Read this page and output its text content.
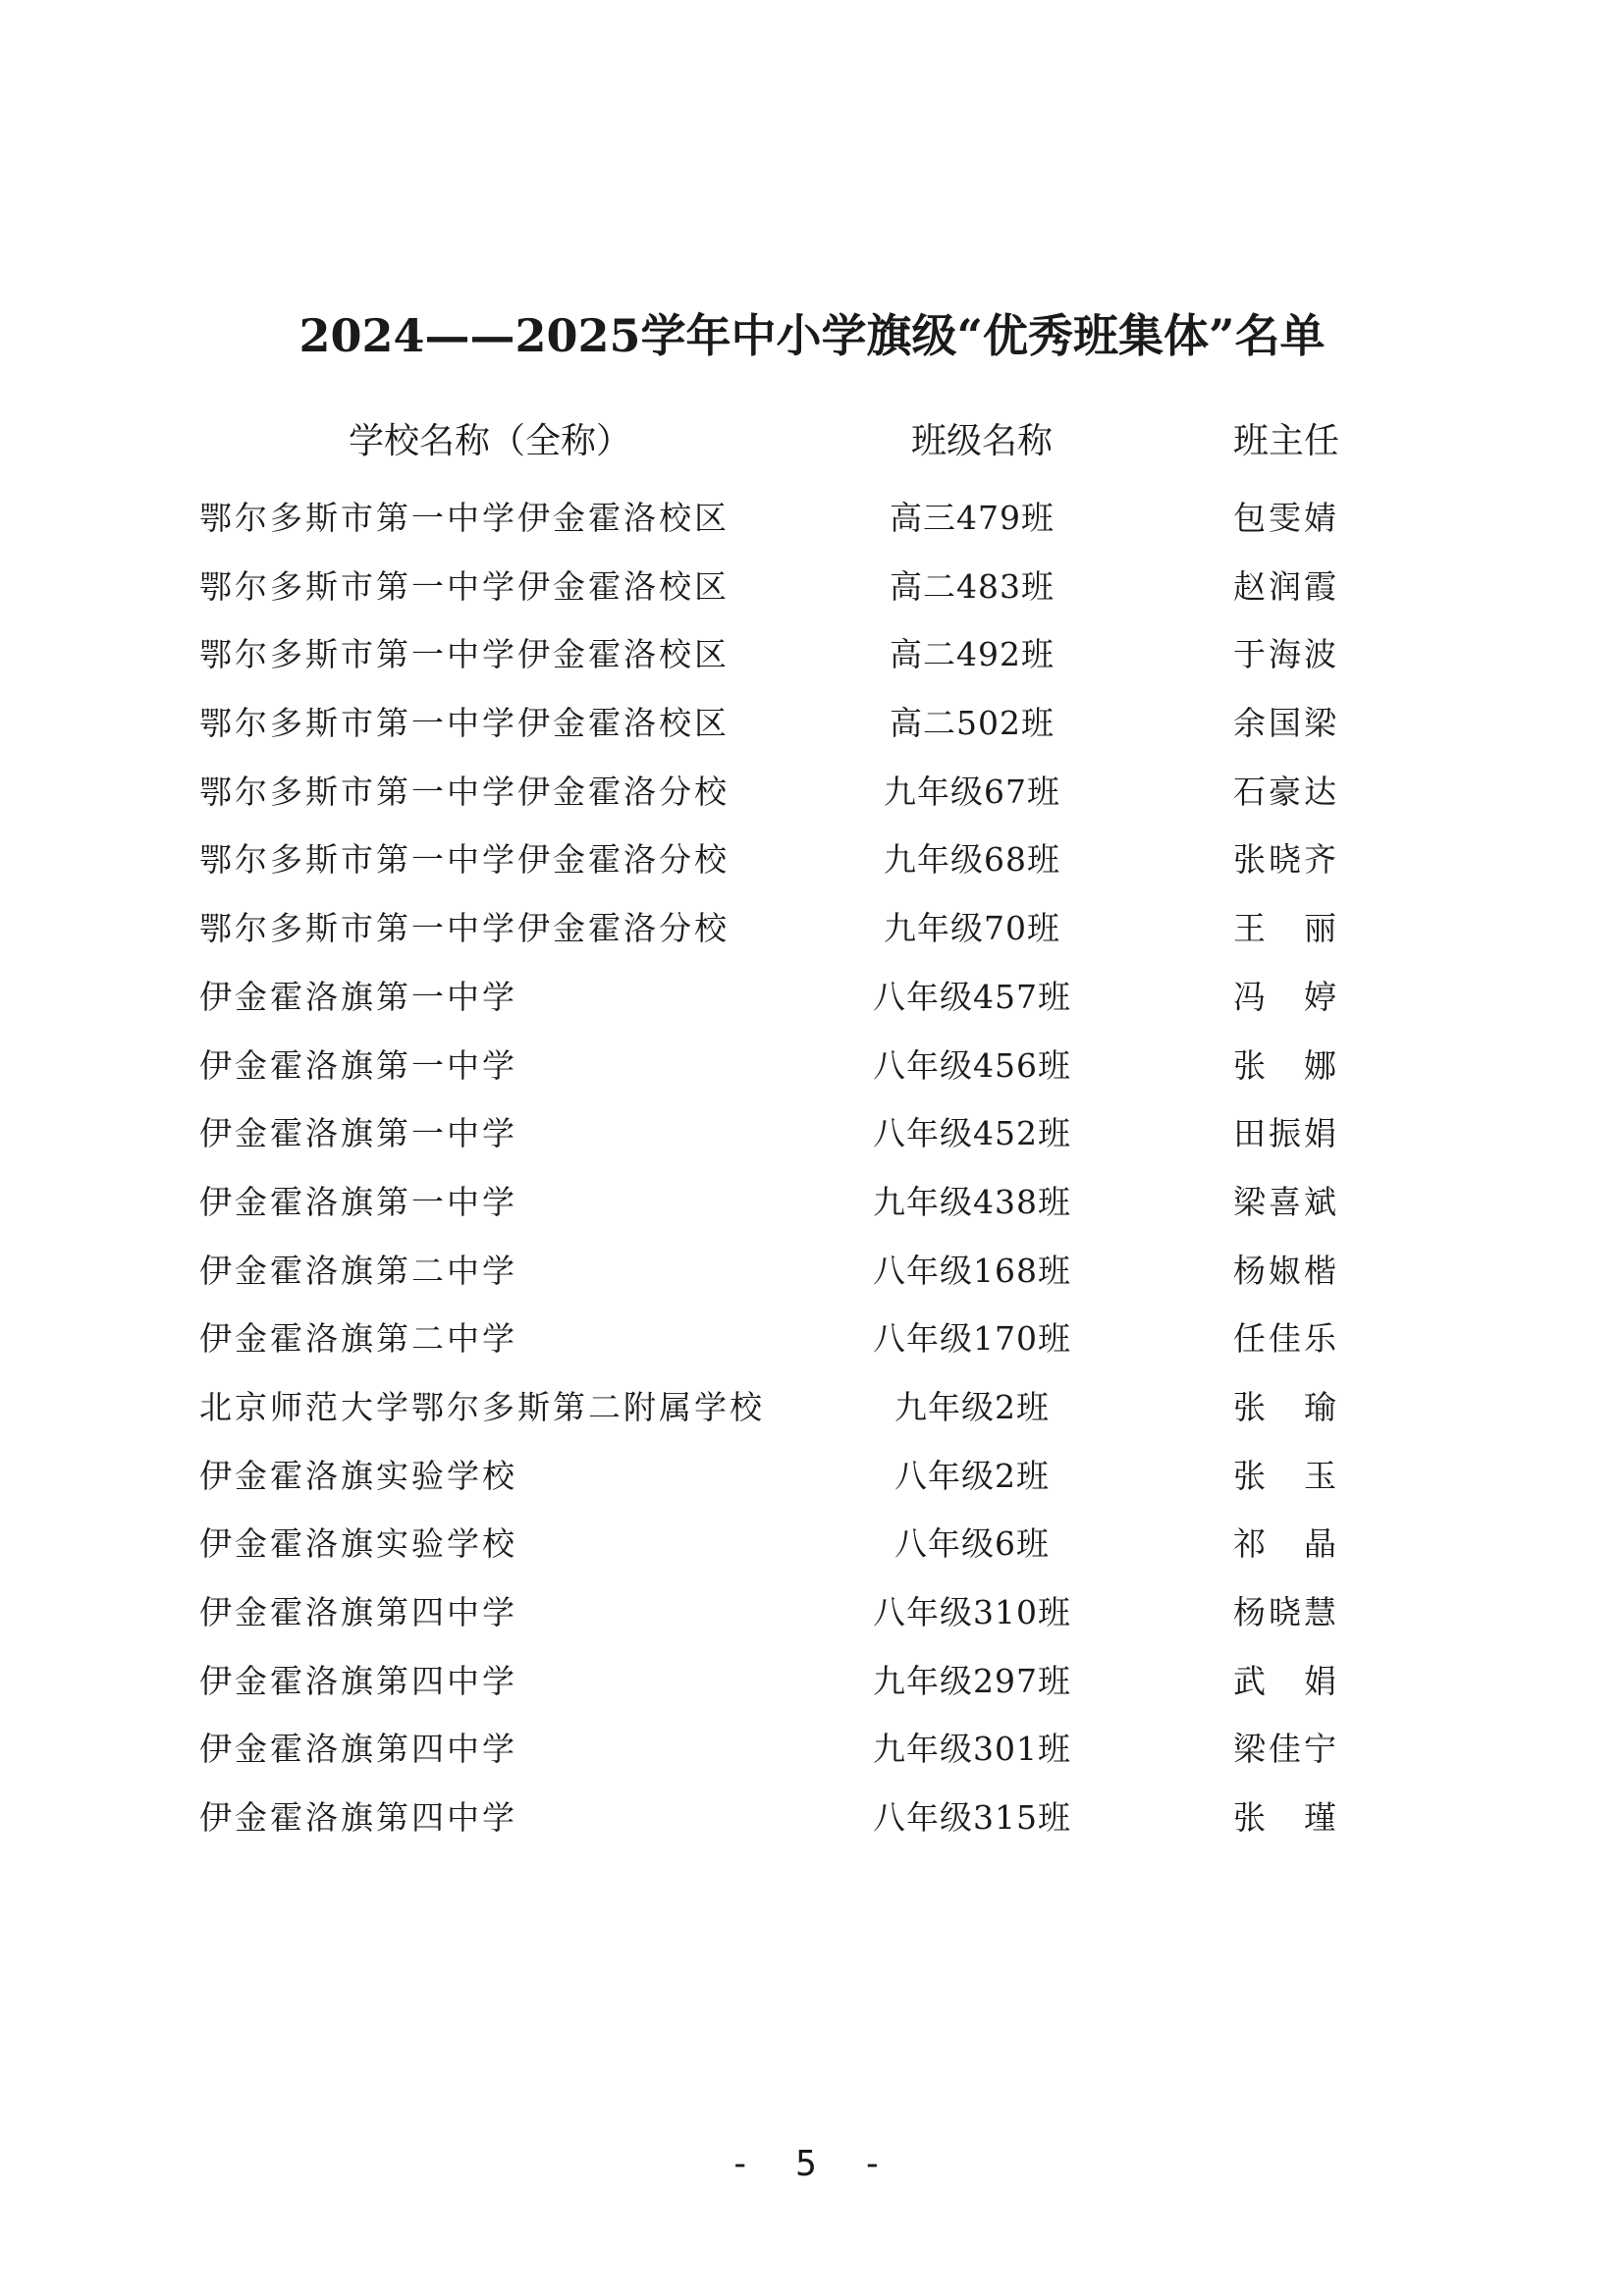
2024——2025学年中小学旗级“优秀班集体”名单
学校名称（全称）	班级名称	班主任
鄂尔多斯市第一中学伊金霍洛校区	高三479班	包雯婧
鄂尔多斯市第一中学伊金霍洛校区	高二483班	赵润霞
鄂尔多斯市第一中学伊金霍洛校区	高二492班	于海波
鄂尔多斯市第一中学伊金霍洛校区	高二502班	余国梁
鄂尔多斯市第一中学伊金霍洛分校	九年级67班	石豪达
鄂尔多斯市第一中学伊金霍洛分校	九年级68班	张晓齐
鄂尔多斯市第一中学伊金霍洛分校	九年级70班	王　丽
伊金霍洛旗第一中学	八年级457班	冯　婷
伊金霍洛旗第一中学	八年级456班	张　娜
伊金霍洛旗第一中学	八年级452班	田振娟
伊金霍洛旗第一中学	九年级438班	梁喜斌
伊金霍洛旗第二中学	八年级168班	杨婌楷
伊金霍洛旗第二中学	八年级170班	任佳乐
北京师范大学鄂尔多斯第二附属学校	九年级2班	张　瑜
伊金霍洛旗实验学校	八年级2班	张　玉
伊金霍洛旗实验学校	八年级6班	祁　晶
伊金霍洛旗第四中学	八年级310班	杨晓慧
伊金霍洛旗第四中学	九年级297班	武　娟
伊金霍洛旗第四中学	九年级301班	梁佳宁
伊金霍洛旗第四中学	八年级315班	张　瑾
- 5 -
